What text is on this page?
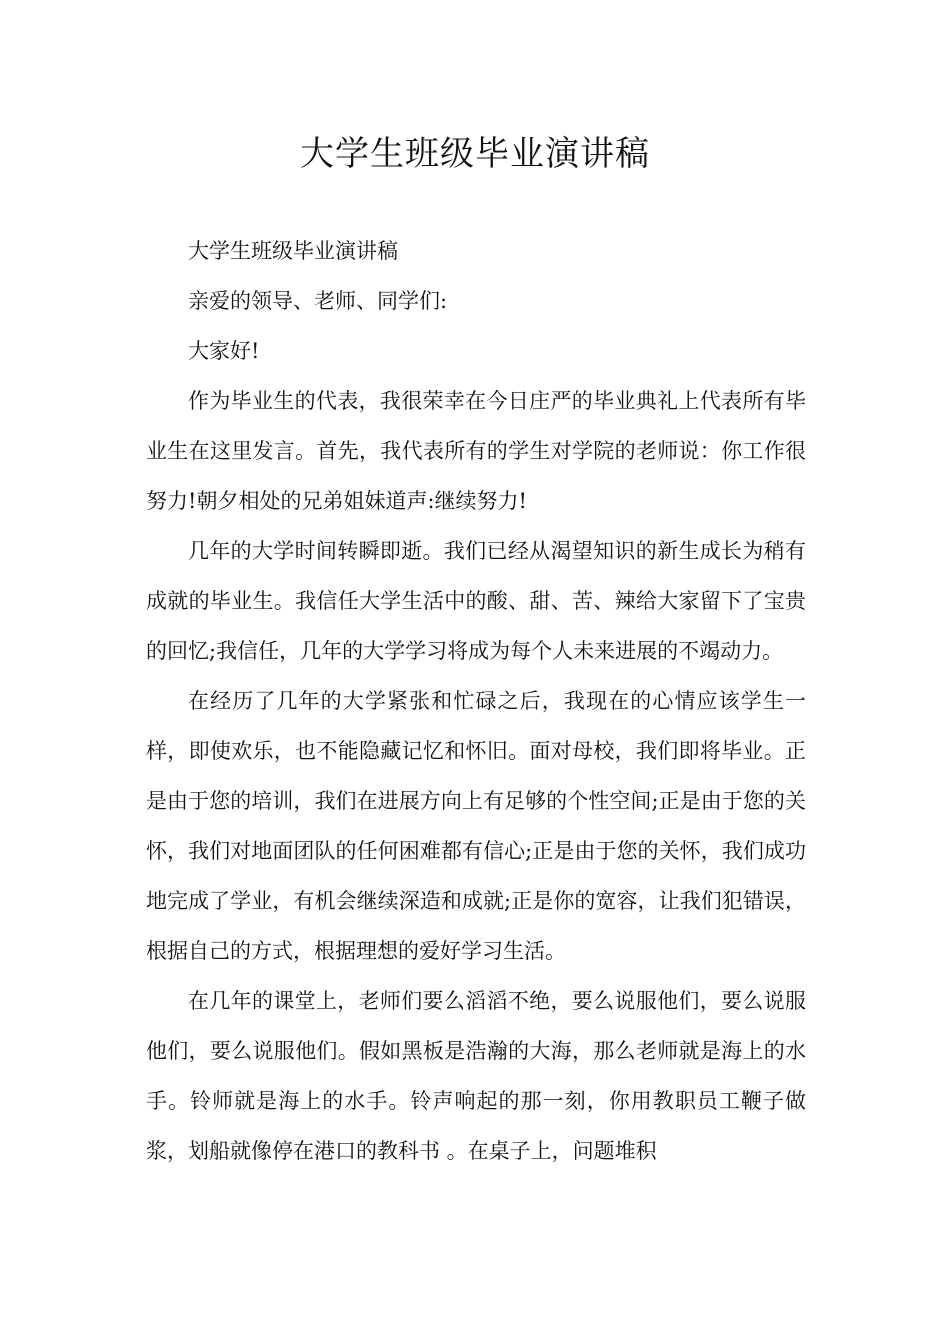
大学生班级毕业演讲稿

大学生班级毕业演讲稿

亲爱的领导、老师、同学们:

大家好!

作为毕业生的代表，我很荣幸在今日庄严的毕业典礼上代表所有毕业生在这里发言。首先，我代表所有的学生对学院的老师说：你工作很努力!朝夕相处的兄弟姐妹道声:继续努力!

几年的大学时间转瞬即逝。我们已经从渴望知识的新生成长为稍有成就的毕业生。我信任大学生活中的酸、甜、苦、辣给大家留下了宝贵的回忆;我信任，几年的大学学习将成为每个人未来进展的不竭动力。

在经历了几年的大学紧张和忙碌之后，我现在的心情应该学生一样，即使欢乐，也不能隐藏记忆和怀旧。面对母校，我们即将毕业。正是由于您的培训，我们在进展方向上有足够的个性空间;正是由于您的关怀，我们对地面团队的任何困难都有信心;正是由于您的关怀，我们成功地完成了学业，有机会继续深造和成就;正是你的宽容，让我们犯错误，根据自己的方式，根据理想的爱好学习生活。

在几年的课堂上，老师们要么滔滔不绝，要么说服他们，要么说服他们，要么说服他们。假如黑板是浩瀚的大海，那么老师就是海上的水手。铃师就是海上的水手。铃声响起的那一刻，你用教职员工鞭子做浆，划船就像停在港口的教科书 。在桌子上，问题堆积
